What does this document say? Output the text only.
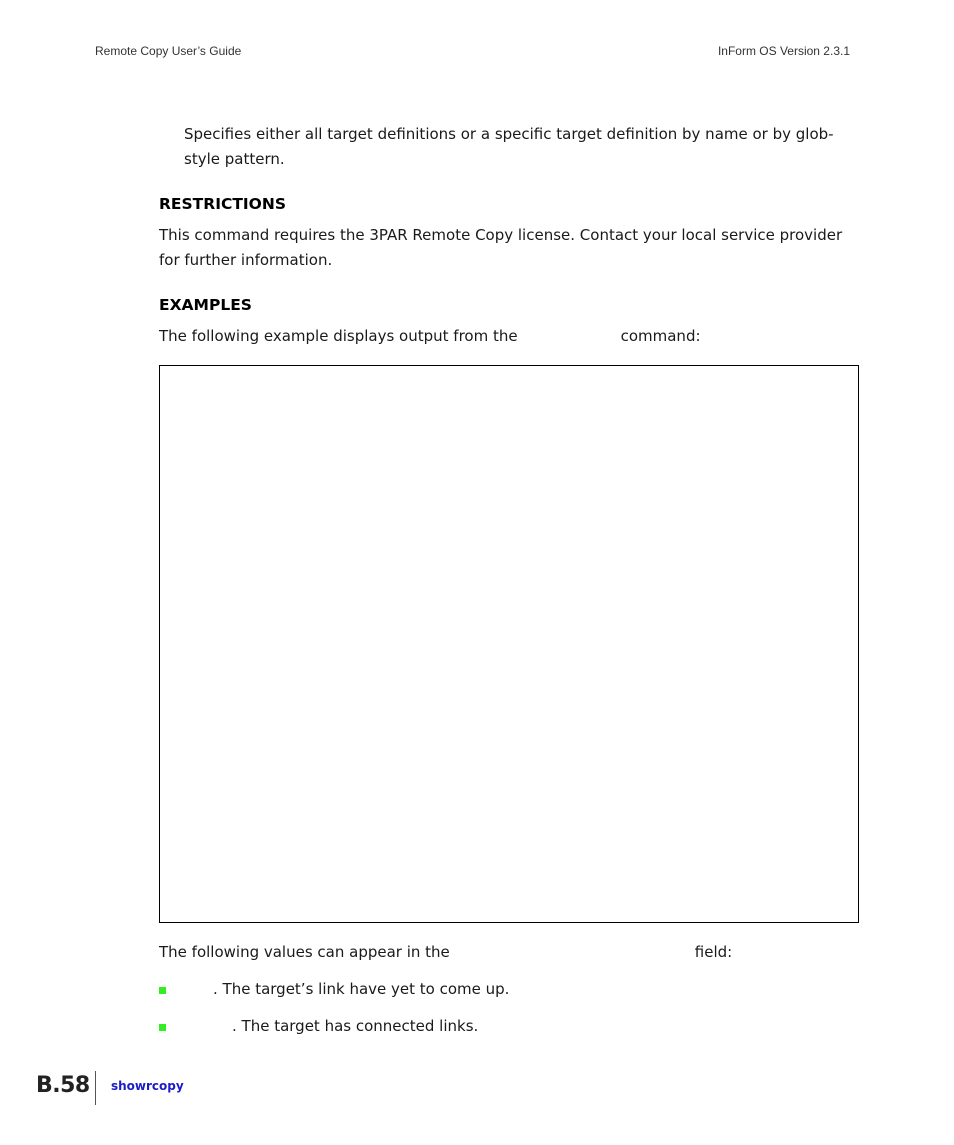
Remote Copy User’s Guide	InForm OS Version 2.3.1
Specifies either all target definitions or a specific target definition by name or by glob-style pattern.
RESTRICTIONS
This command requires the 3PAR Remote Copy license. Contact your local service provider for further information.
EXAMPLES
The following example displays output from the	command:
The following values can appear in the	field:
. The target’s link have yet to come up.
. The target has connected links.
B.58 showrcopy
